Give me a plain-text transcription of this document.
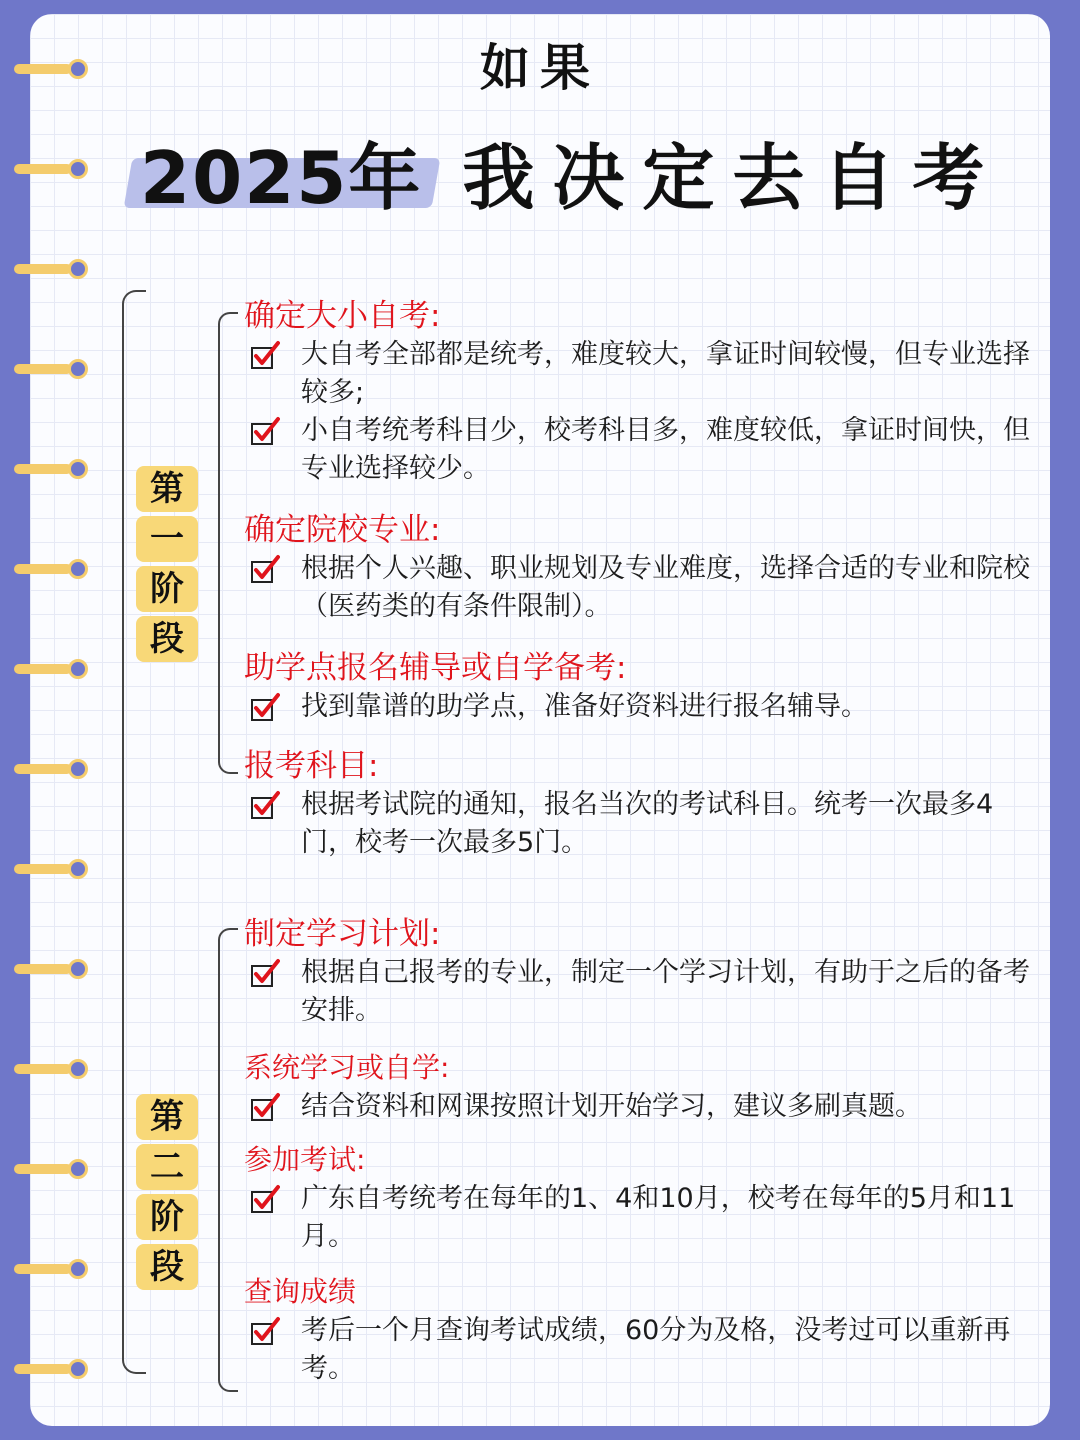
如果
2025年 我决定去自考
第
一
阶
段
第
二
阶
段
确定大小自考:
大自考全部都是统考，难度较大，拿证时间较慢，但专业选择较多;
小自考统考科目少，校考科目多，难度较低，拿证时间快，但专业选择较少。
确定院校专业:
根据个人兴趣、职业规划及专业难度，选择合适的专业和院校（医药类的有条件限制）。
助学点报名辅导或自学备考:
找到靠谱的助学点，准备好资料进行报名辅导。
报考科目:
根据考试院的通知，报名当次的考试科目。统考一次最多4门，校考一次最多5门。
制定学习计划:
根据自己报考的专业，制定一个学习计划，有助于之后的备考安排。
系统学习或自学:
结合资料和网课按照计划开始学习，建议多刷真题。
参加考试:
广东自考统考在每年的1、4和10月，校考在每年的5月和11月。
查询成绩
考后一个月查询考试成绩，60分为及格，没考过可以重新再考。
